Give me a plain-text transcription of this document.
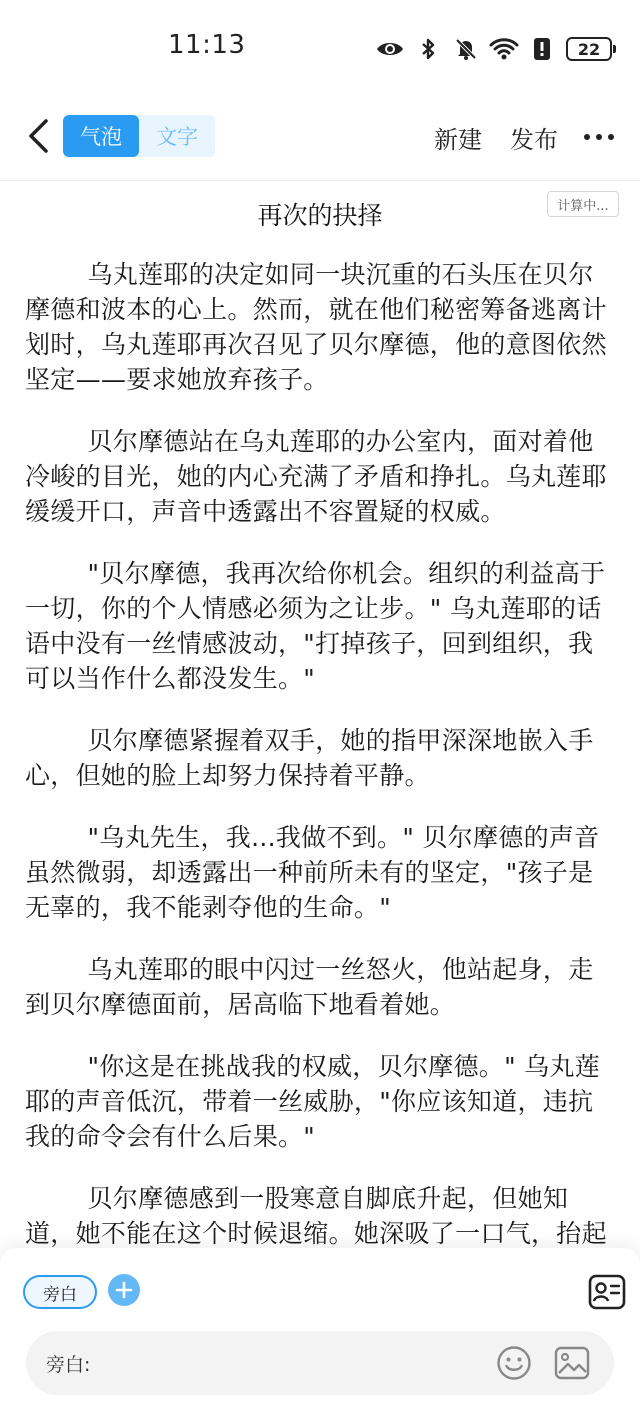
11:13	22
气泡	文字	新建 发布
再次的抉择	计算中...

乌丸莲耶的决定如同一块沉重的石头压在贝尔摩德和波本的心上。然而，就在他们秘密筹备逃离计划时，乌丸莲耶再次召见了贝尔摩德，他的意图依然坚定——要求她放弃孩子。

贝尔摩德站在乌丸莲耶的办公室内，面对着他冷峻的目光，她的内心充满了矛盾和挣扎。乌丸莲耶缓缓开口，声音中透露出不容置疑的权威。

"贝尔摩德，我再次给你机会。组织的利益高于一切，你的个人情感必须为之让步。" 乌丸莲耶的话语中没有一丝情感波动，"打掉孩子，回到组织，我可以当作什么都没发生。"

贝尔摩德紧握着双手，她的指甲深深地嵌入手心，但她的脸上却努力保持着平静。

"乌丸先生，我...我做不到。" 贝尔摩德的声音虽然微弱，却透露出一种前所未有的坚定，"孩子是无辜的，我不能剥夺他的生命。"

乌丸莲耶的眼中闪过一丝怒火，他站起身，走到贝尔摩德面前，居高临下地看着她。

"你这是在挑战我的权威，贝尔摩德。" 乌丸莲耶的声音低沉，带着一丝威胁，"你应该知道，违抗我的命令会有什么后果。"

贝尔摩德感到一股寒意自脚底升起，但她知道，她不能在这个时候退缩。她深吸了一口气，抬起

旁白
旁白:
